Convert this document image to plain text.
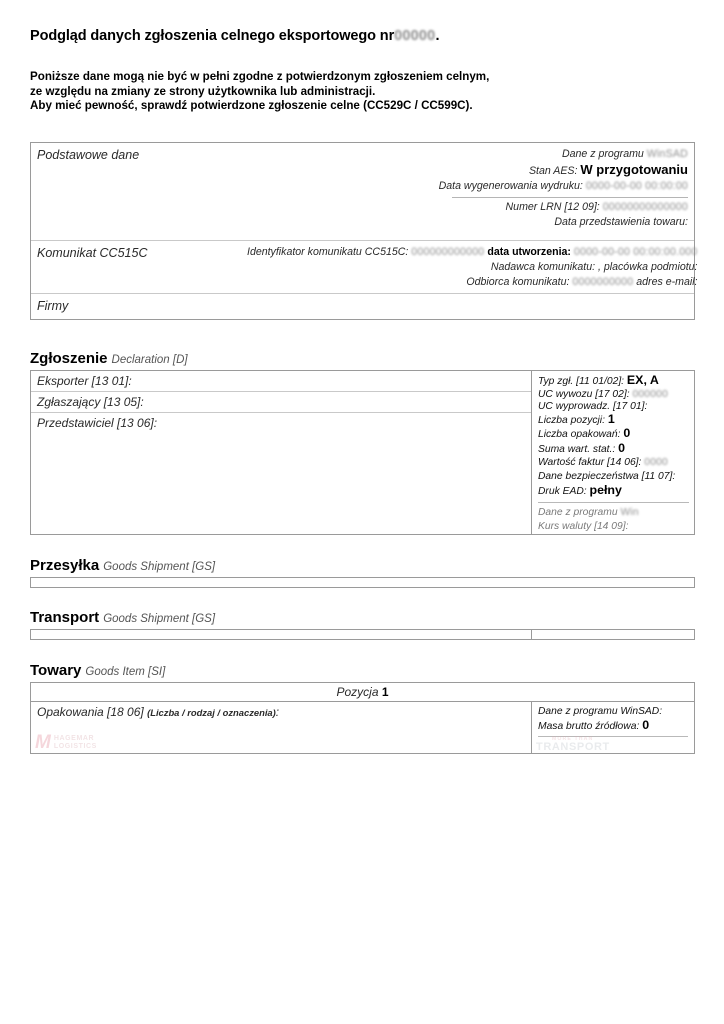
Podgląd danych zgłoszenia celnego eksportowego nr00000.
Poniższe dane mogą nie być w pełni zgodne z potwierdzonym zgłoszeniem celnym,
ze względu na zmiany ze strony użytkownika lub administracji.
Aby mieć pewność, sprawdź potwierdzone zgłoszenie celne (CC529C / CC599C).
Podstawowe dane	Dane z programu WinSAD
Stan AES: W przygotowaniu
Data wygenerowania wydruku: 0000-00-00 00:00:00
Numer LRN [12 09]: 00000000000000
Data przedstawienia towaru:
Komunikat CC515C	Identyfikator komunikatu CC515C: 000000000000 data utworzenia: 0000-00-00 00:00:00.000
Nadawca komunikatu: , placówka podmiotu:
Odbiorca komunikatu: 0000000000 adres e-mail:
Firmy
Zgłoszenie Declaration [D]
Eksporter [13 01]:
Zgłaszający [13 05]:
Przedstawiciel [13 06]:
Typ zgł. [11 01/02]: EX, A
UC wywozu [17 02]: 000000
UC wyprowadz. [17 01]:
Liczba pozycji: 1
Liczba opakowań: 0
Suma wart. stat.: 0
Wartość faktur [14 06]: 0000
Dane bezpieczeństwa [11 07]:
Druk EAD: pełny
Dane z programu Win
Kurs waluty [14 09]:
Przesyłka Goods Shipment [GS]
Transport Goods Shipment [GS]
Towary Goods Item [SI]
Pozycja 1
Opakowania [18 06] (Liczba / rodzaj / oznaczenia):
M HAGEMAR
LOGISTICS
Dane z programu WinSAD:
Masa brutto źródłowa: 0
MORE THAN
TRANSPORT
